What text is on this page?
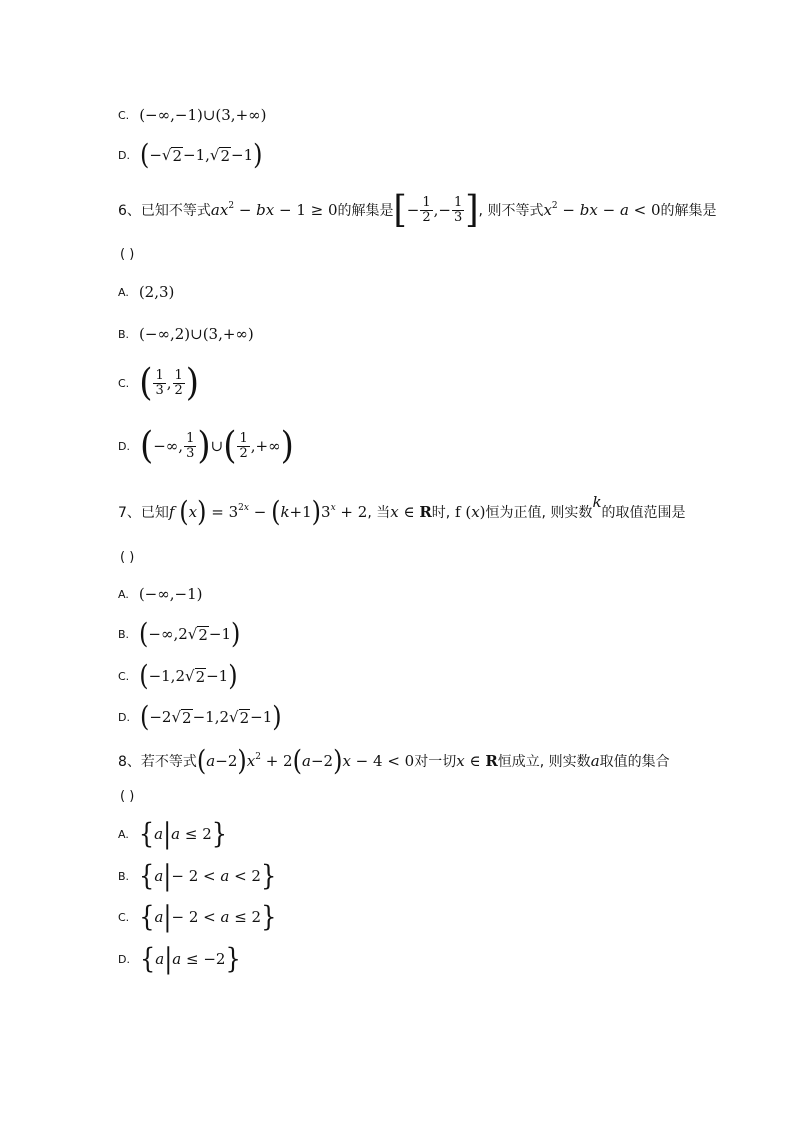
C. (−∞,−1)∪(3,+∞)
D. ( − √ 2 −1, √ 2 −1 )
6、已知不等式 ax 2 − bx − 1 ≥ 0 的解集是 [ − $\frac{1}{2}$ ,− $\frac{1}{3}$ ] , 则不等式 x 2 − bx − a < 0 的解集是
( )
A. (2,3)
B. (−∞,2)∪(3,+∞)
C. ( $\frac{1}{3}$ , $\frac{1}{2}$ )
D. ( −∞, $\frac{1}{3}$ ) ∪ ( $\frac{1}{2}$ ,+∞ )
7、已知 f
( x ) = 3 2x − ( k +1 ) 3 x + 2 , 当 x ∈ R 时, f ( x ) 恒为正值, 则实数
k
的取值范围是
( )
A. (−∞,−1)
B. ( −∞,2 √ 2 −1 )
C. ( −1,2 √ 2 −1 )
D. ( −2 √ 2 −1,2 √ 2 −1 )
8、若不等式 ( a −2 ) x 2 + 2 ( a −2 ) x − 4 < 0 对一切 x ∈ R 恒成立, 则实数 a 取值的集合
( )
A. { a | a ≤ 2 }
B. { a | − 2 < a < 2 }
C. { a | − 2 < a ≤ 2 }
D. { a | a ≤ −2 }
